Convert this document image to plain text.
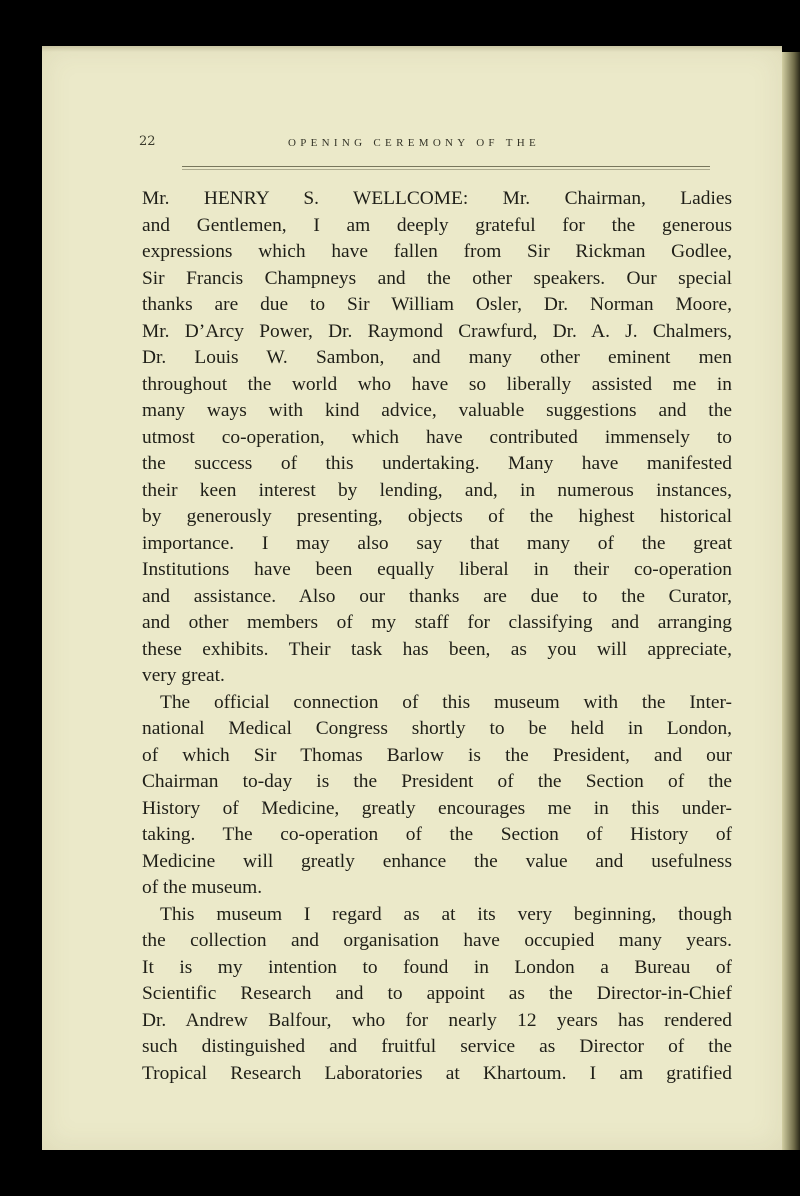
22	OPENING CEREMONY OF THE
Mr. HENRY S. WELLCOME: Mr. Chairman, Ladies
and Gentlemen, I am deeply grateful for the generous
expressions which have fallen from Sir Rickman Godlee,
Sir Francis Champneys and the other speakers. Our special
thanks are due to Sir William Osler, Dr. Norman Moore,
Mr. D’Arcy Power, Dr. Raymond Crawfurd, Dr. A. J. Chalmers,
Dr. Louis W. Sambon, and many other eminent men
throughout the world who have so liberally assisted me in
many ways with kind advice, valuable suggestions and the
utmost co-operation, which have contributed immensely to
the success of this undertaking. Many have manifested
their keen interest by lending, and, in numerous instances,
by generously presenting, objects of the highest historical
importance. I may also say that many of the great
Institutions have been equally liberal in their co-operation
and assistance. Also our thanks are due to the Curator,
and other members of my staff for classifying and arranging
these exhibits. Their task has been, as you will appreciate,
very great.
The official connection of this museum with the Inter-
national Medical Congress shortly to be held in London,
of which Sir Thomas Barlow is the President, and our
Chairman to-day is the President of the Section of the
History of Medicine, greatly encourages me in this under-
taking. The co-operation of the Section of History of
Medicine will greatly enhance the value and usefulness
of the museum.
This museum I regard as at its very beginning, though
the collection and organisation have occupied many years.
It is my intention to found in London a Bureau of
Scientific Research and to appoint as the Director-in-Chief
Dr. Andrew Balfour, who for nearly 12 years has rendered
such distinguished and fruitful service as Director of the
Tropical Research Laboratories at Khartoum. I am gratified
